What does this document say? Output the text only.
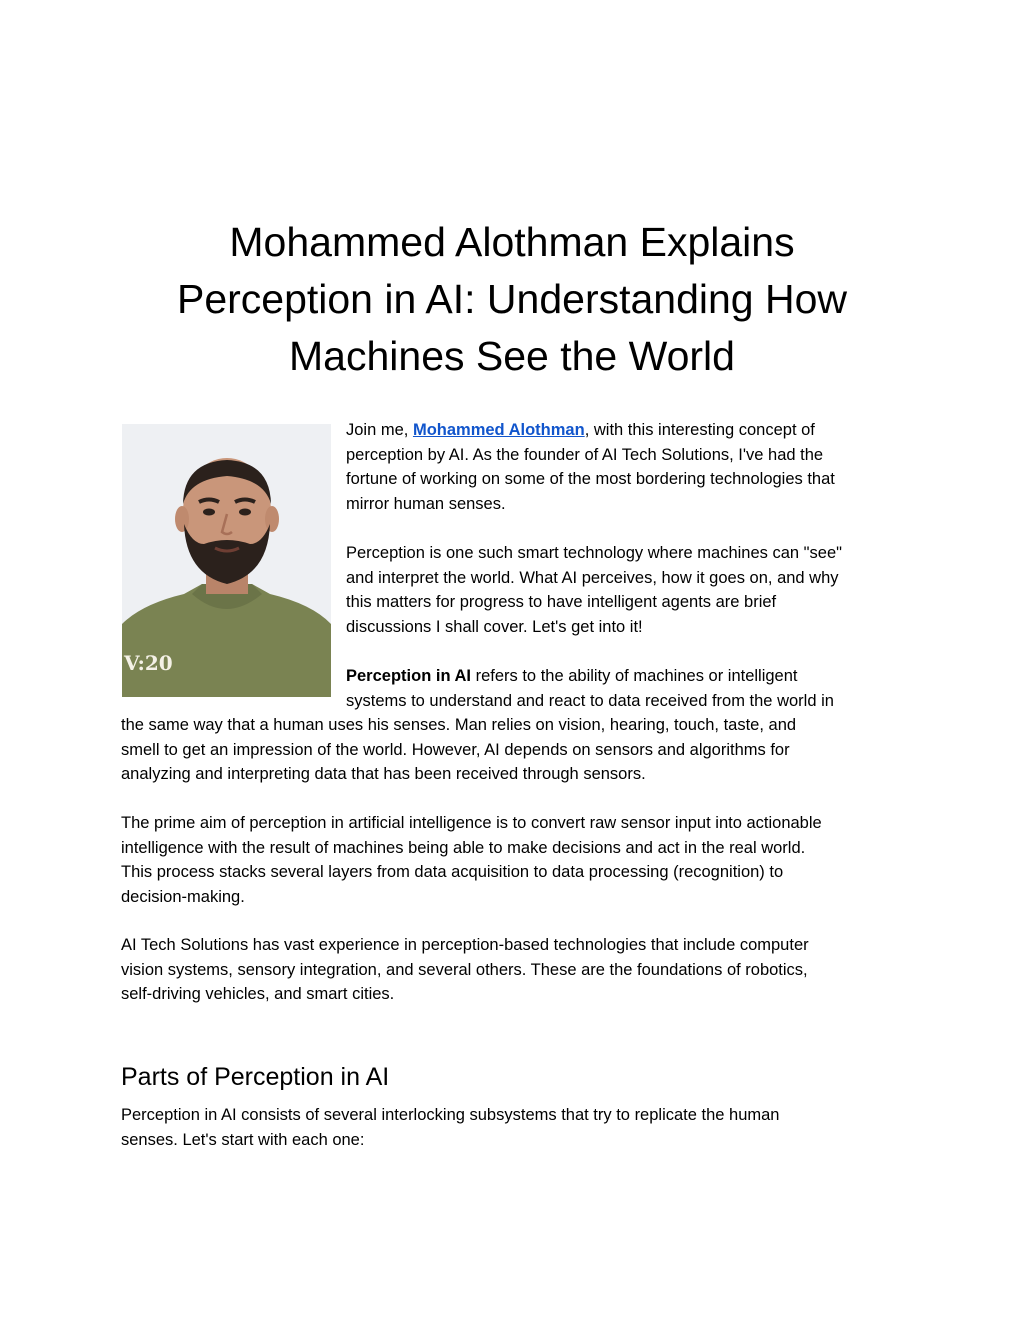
Mohammed Alothman Explains
Perception in AI: Understanding How
Machines See the World
V:20

Join me, Mohammed Alothman, with this interesting concept of
perception by AI. As the founder of AI Tech Solutions, I've had the
fortune of working on some of the most bordering technologies that
mirror human senses.

Perception is one such smart technology where machines can "see"
and interpret the world. What AI perceives, how it goes on, and why
this matters for progress to have intelligent agents are brief
discussions I shall cover. Let's get into it!

Perception in AI refers to the ability of machines or intelligent
systems to understand and react to data received from the world in
the same way that a human uses his senses. Man relies on vision, hearing, touch, taste, and
smell to get an impression of the world. However, AI depends on sensors and algorithms for
analyzing and interpreting data that has been received through sensors.

The prime aim of perception in artificial intelligence is to convert raw sensor input into actionable
intelligence with the result of machines being able to make decisions and act in the real world.
This process stacks several layers from data acquisition to data processing (recognition) to
decision-making.

AI Tech Solutions has vast experience in perception-based technologies that include computer
vision systems, sensory integration, and several others. These are the foundations of robotics,
self-driving vehicles, and smart cities.

Parts of Perception in AI

Perception in AI consists of several interlocking subsystems that try to replicate the human
senses. Let's start with each one:
